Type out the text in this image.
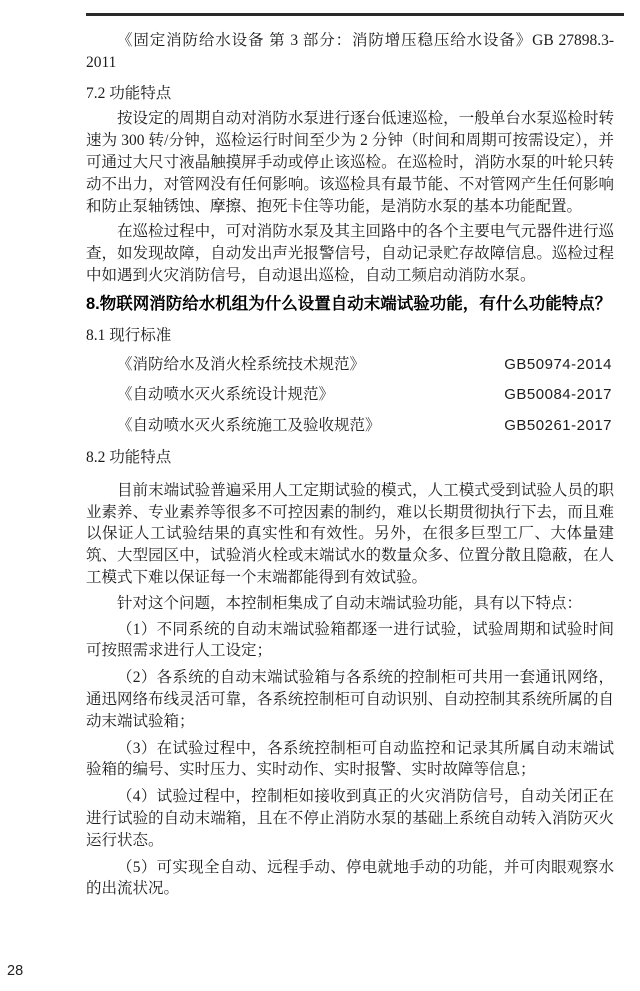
《固定消防给水设备 第 3 部分：消防增压稳压给水设备》GB 27898.3-2011

7.2 功能特点

按设定的周期自动对消防水泵进行逐台低速巡检，一般单台水泵巡检时转速为 300 转/分钟，巡检运行时间至少为 2 分钟（时间和周期可按需设定），并可通过大尺寸液晶触摸屏手动或停止该巡检。在巡检时，消防水泵的叶轮只转动不出力，对管网没有任何影响。该巡检具有最节能、不对管网产生任何影响和防止泵轴锈蚀、摩擦、抱死卡住等功能，是消防水泵的基本功能配置。

在巡检过程中，可对消防水泵及其主回路中的各个主要电气元器件进行巡查，如发现故障，自动发出声光报警信号，自动记录贮存故障信息。巡检过程中如遇到火灾消防信号，自动退出巡检，自动工频启动消防水泵。

8.物联网消防给水机组为什么设置自动末端试验功能，有什么功能特点？
8.1 现行标准
《消防给水及消火栓系统技术规范》	GB50974-2014
《自动喷水灭火系统设计规范》	GB50084-2017
《自动喷水灭火系统施工及验收规范》	GB50261-2017
8.2 功能特点

目前末端试验普遍采用人工定期试验的模式，人工模式受到试验人员的职业素养、专业素养等很多不可控因素的制约，难以长期贯彻执行下去，而且难以保证人工试验结果的真实性和有效性。另外，在很多巨型工厂、大体量建筑、大型园区中，试验消火栓或末端试水的数量众多、位置分散且隐蔽，在人工模式下难以保证每一个末端都能得到有效试验。

针对这个问题，本控制柜集成了自动末端试验功能，具有以下特点：

（1）不同系统的自动末端试验箱都逐一进行试验，试验周期和试验时间可按照需求进行人工设定；

（2）各系统的自动末端试验箱与各系统的控制柜可共用一套通讯网络，通迅网络布线灵活可靠，各系统控制柜可自动识别、自动控制其系统所属的自动末端试验箱；

（3）在试验过程中，各系统控制柜可自动监控和记录其所属自动末端试验箱的编号、实时压力、实时动作、实时报警、实时故障等信息；

（4）试验过程中，控制柜如接收到真正的火灾消防信号，自动关闭正在进行试验的自动末端箱，且在不停止消防水泵的基础上系统自动转入消防灭火运行状态。

（5）可实现全自动、远程手动、停电就地手动的功能，并可肉眼观察水的出流状况。

28
